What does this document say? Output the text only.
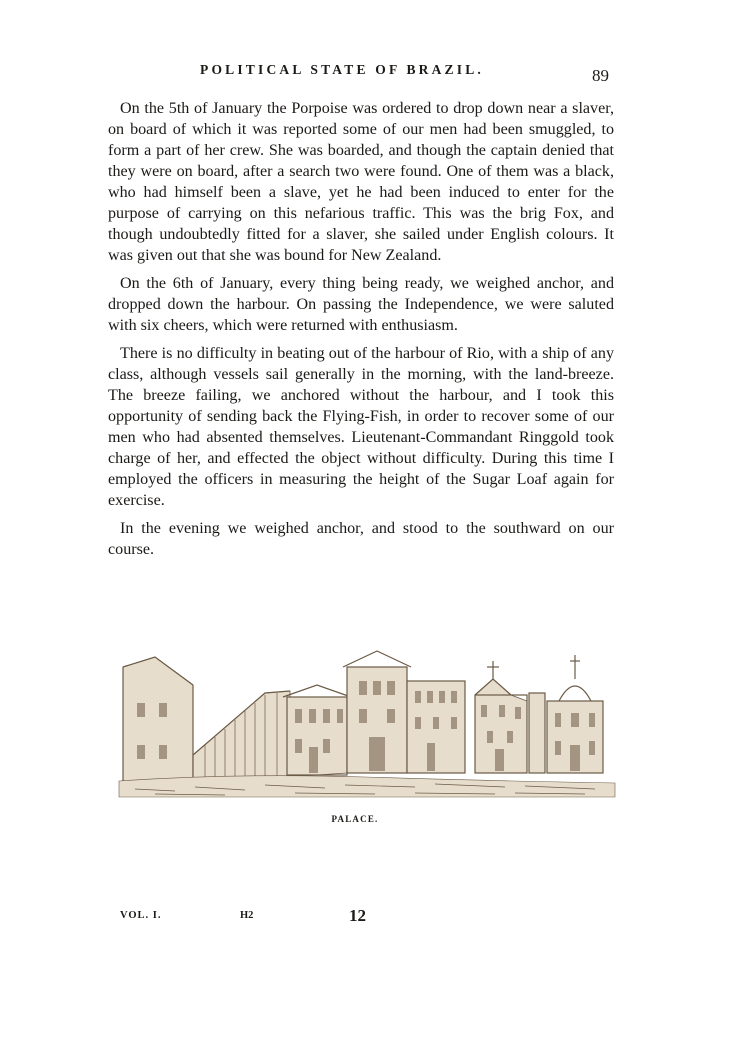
POLITICAL STATE OF BRAZIL.	89

On the 5th of January the Porpoise was ordered to drop down near a slaver, on board of which it was reported some of our men had been smuggled, to form a part of her crew. She was boarded, and though the captain denied that they were on board, after a search two were found. One of them was a black, who had himself been a slave, yet he had been induced to enter for the purpose of carrying on this nefarious traffic. This was the brig Fox, and though undoubtedly fitted for a slaver, she sailed under English colours. It was given out that she was bound for New Zealand.

On the 6th of January, every thing being ready, we weighed anchor, and dropped down the harbour. On passing the Independence, we were saluted with six cheers, which were returned with enthusiasm.

There is no difficulty in beating out of the harbour of Rio, with a ship of any class, although vessels sail generally in the morning, with the land-breeze. The breeze failing, we anchored without the harbour, and I took this opportunity of sending back the Flying-Fish, in order to recover some of our men who had absented themselves. Lieutenant-Commandant Ringgold took charge of her, and effected the object without difficulty. During this time I employed the officers in measuring the height of the Sugar Loaf again for exercise.

In the evening we weighed anchor, and stood to the southward on our course.

PALACE.
VOL. I.	H2	12
